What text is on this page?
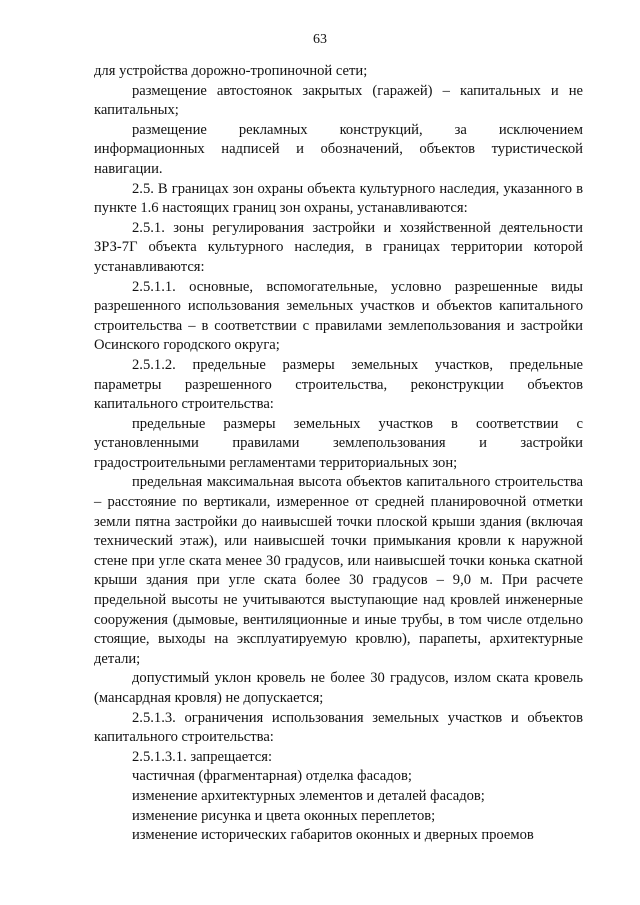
63

для устройства дорожно-тропиночной сети;

размещение автостоянок закрытых (гаражей) – капитальных и не капитальных;

размещение рекламных конструкций, за исключением информационных надписей и обозначений, объектов туристической навигации.

2.5. В границах зон охраны объекта культурного наследия, указанного в пункте 1.6 настоящих границ зон охраны, устанавливаются:

2.5.1. зоны регулирования застройки и хозяйственной деятельности ЗРЗ-7Г объекта культурного наследия, в границах территории которой устанавливаются:

2.5.1.1. основные, вспомогательные, условно разрешенные виды разрешенного использования земельных участков и объектов капитального строительства – в соответствии с правилами землепользования и застройки Осинского городского округа;

2.5.1.2. предельные размеры земельных участков, предельные параметры разрешенного строительства, реконструкции объектов капитального строительства:

предельные размеры земельных участков в соответствии с установленными правилами землепользования и застройки градостроительными регламентами территориальных зон;

предельная максимальная высота объектов капитального строительства – расстояние по вертикали, измеренное от средней планировочной отметки земли пятна застройки до наивысшей точки плоской крыши здания (включая технический этаж), или наивысшей точки примыкания кровли к наружной стене при угле ската менее 30 градусов, или наивысшей точки конька скатной крыши здания при угле ската более 30 градусов – 9,0 м. При расчете предельной высоты не учитываются выступающие над кровлей инженерные сооружения (дымовые, вентиляционные и иные трубы, в том числе отдельно стоящие, выходы на эксплуатируемую кровлю), парапеты, архитектурные детали;

допустимый уклон кровель не более 30 градусов, излом ската кровель (мансардная кровля) не допускается;

2.5.1.3. ограничения использования земельных участков и объектов капитального строительства:

2.5.1.3.1. запрещается:

частичная (фрагментарная) отделка фасадов;

изменение архитектурных элементов и деталей фасадов;

изменение рисунка и цвета оконных переплетов;

изменение исторических габаритов оконных и дверных проемов
